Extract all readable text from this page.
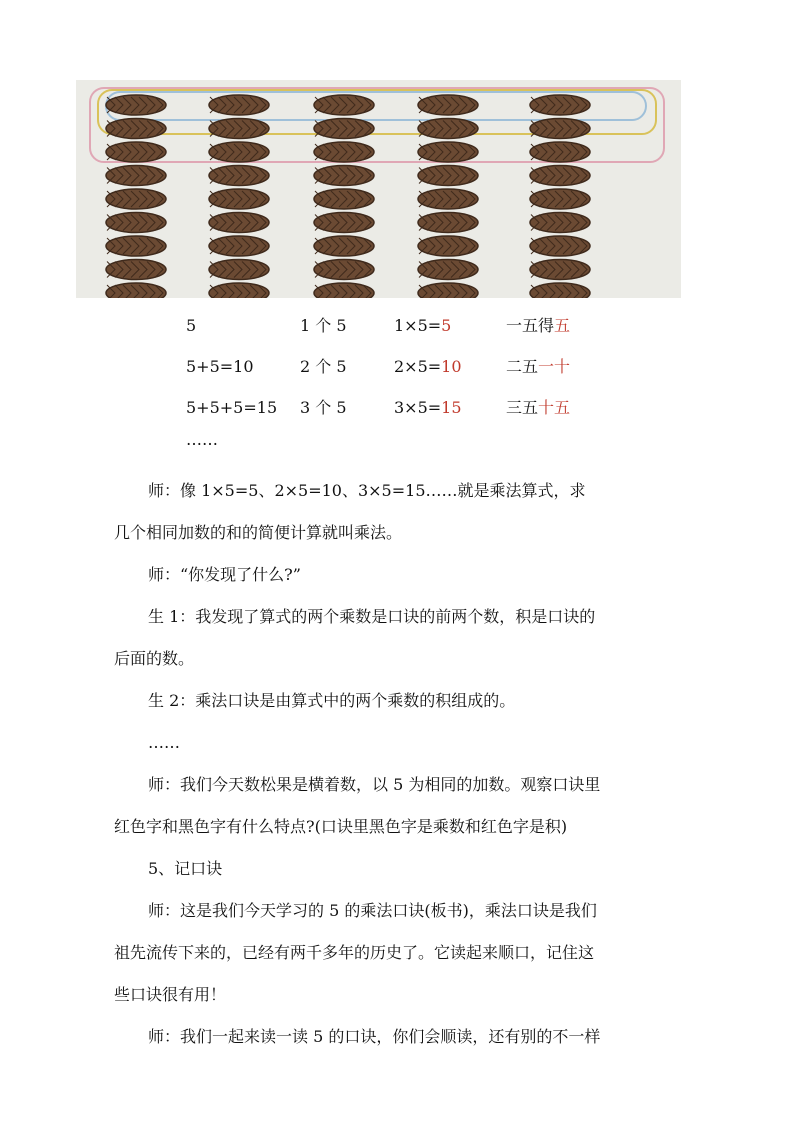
5	1 个 5	1×5=5	一五得五
5+5=10	2 个 5	2×5=10	二五一十
5+5+5=15 3 个 5	3×5=15	三五十五
……
师：像 1×5=5、2×5=10、3×5=15……就是乘法算式，求
几个相同加数的和的简便计算就叫乘法。
师：“你发现了什么?”
生 1：我发现了算式的两个乘数是口诀的前两个数，积是口诀的
后面的数。
生 2：乘法口诀是由算式中的两个乘数的积组成的。
……
师：我们今天数松果是横着数，以 5 为相同的加数。观察口诀里
红色字和黑色字有什么特点?(口诀里黑色字是乘数和红色字是积)
5、记口诀
师：这是我们今天学习的 5 的乘法口诀(板书)，乘法口诀是我们
祖先流传下来的，已经有两千多年的历史了。它读起来顺口，记住这
些口诀很有用！
师：我们一起来读一读 5 的口诀，你们会顺读，还有别的不一样
